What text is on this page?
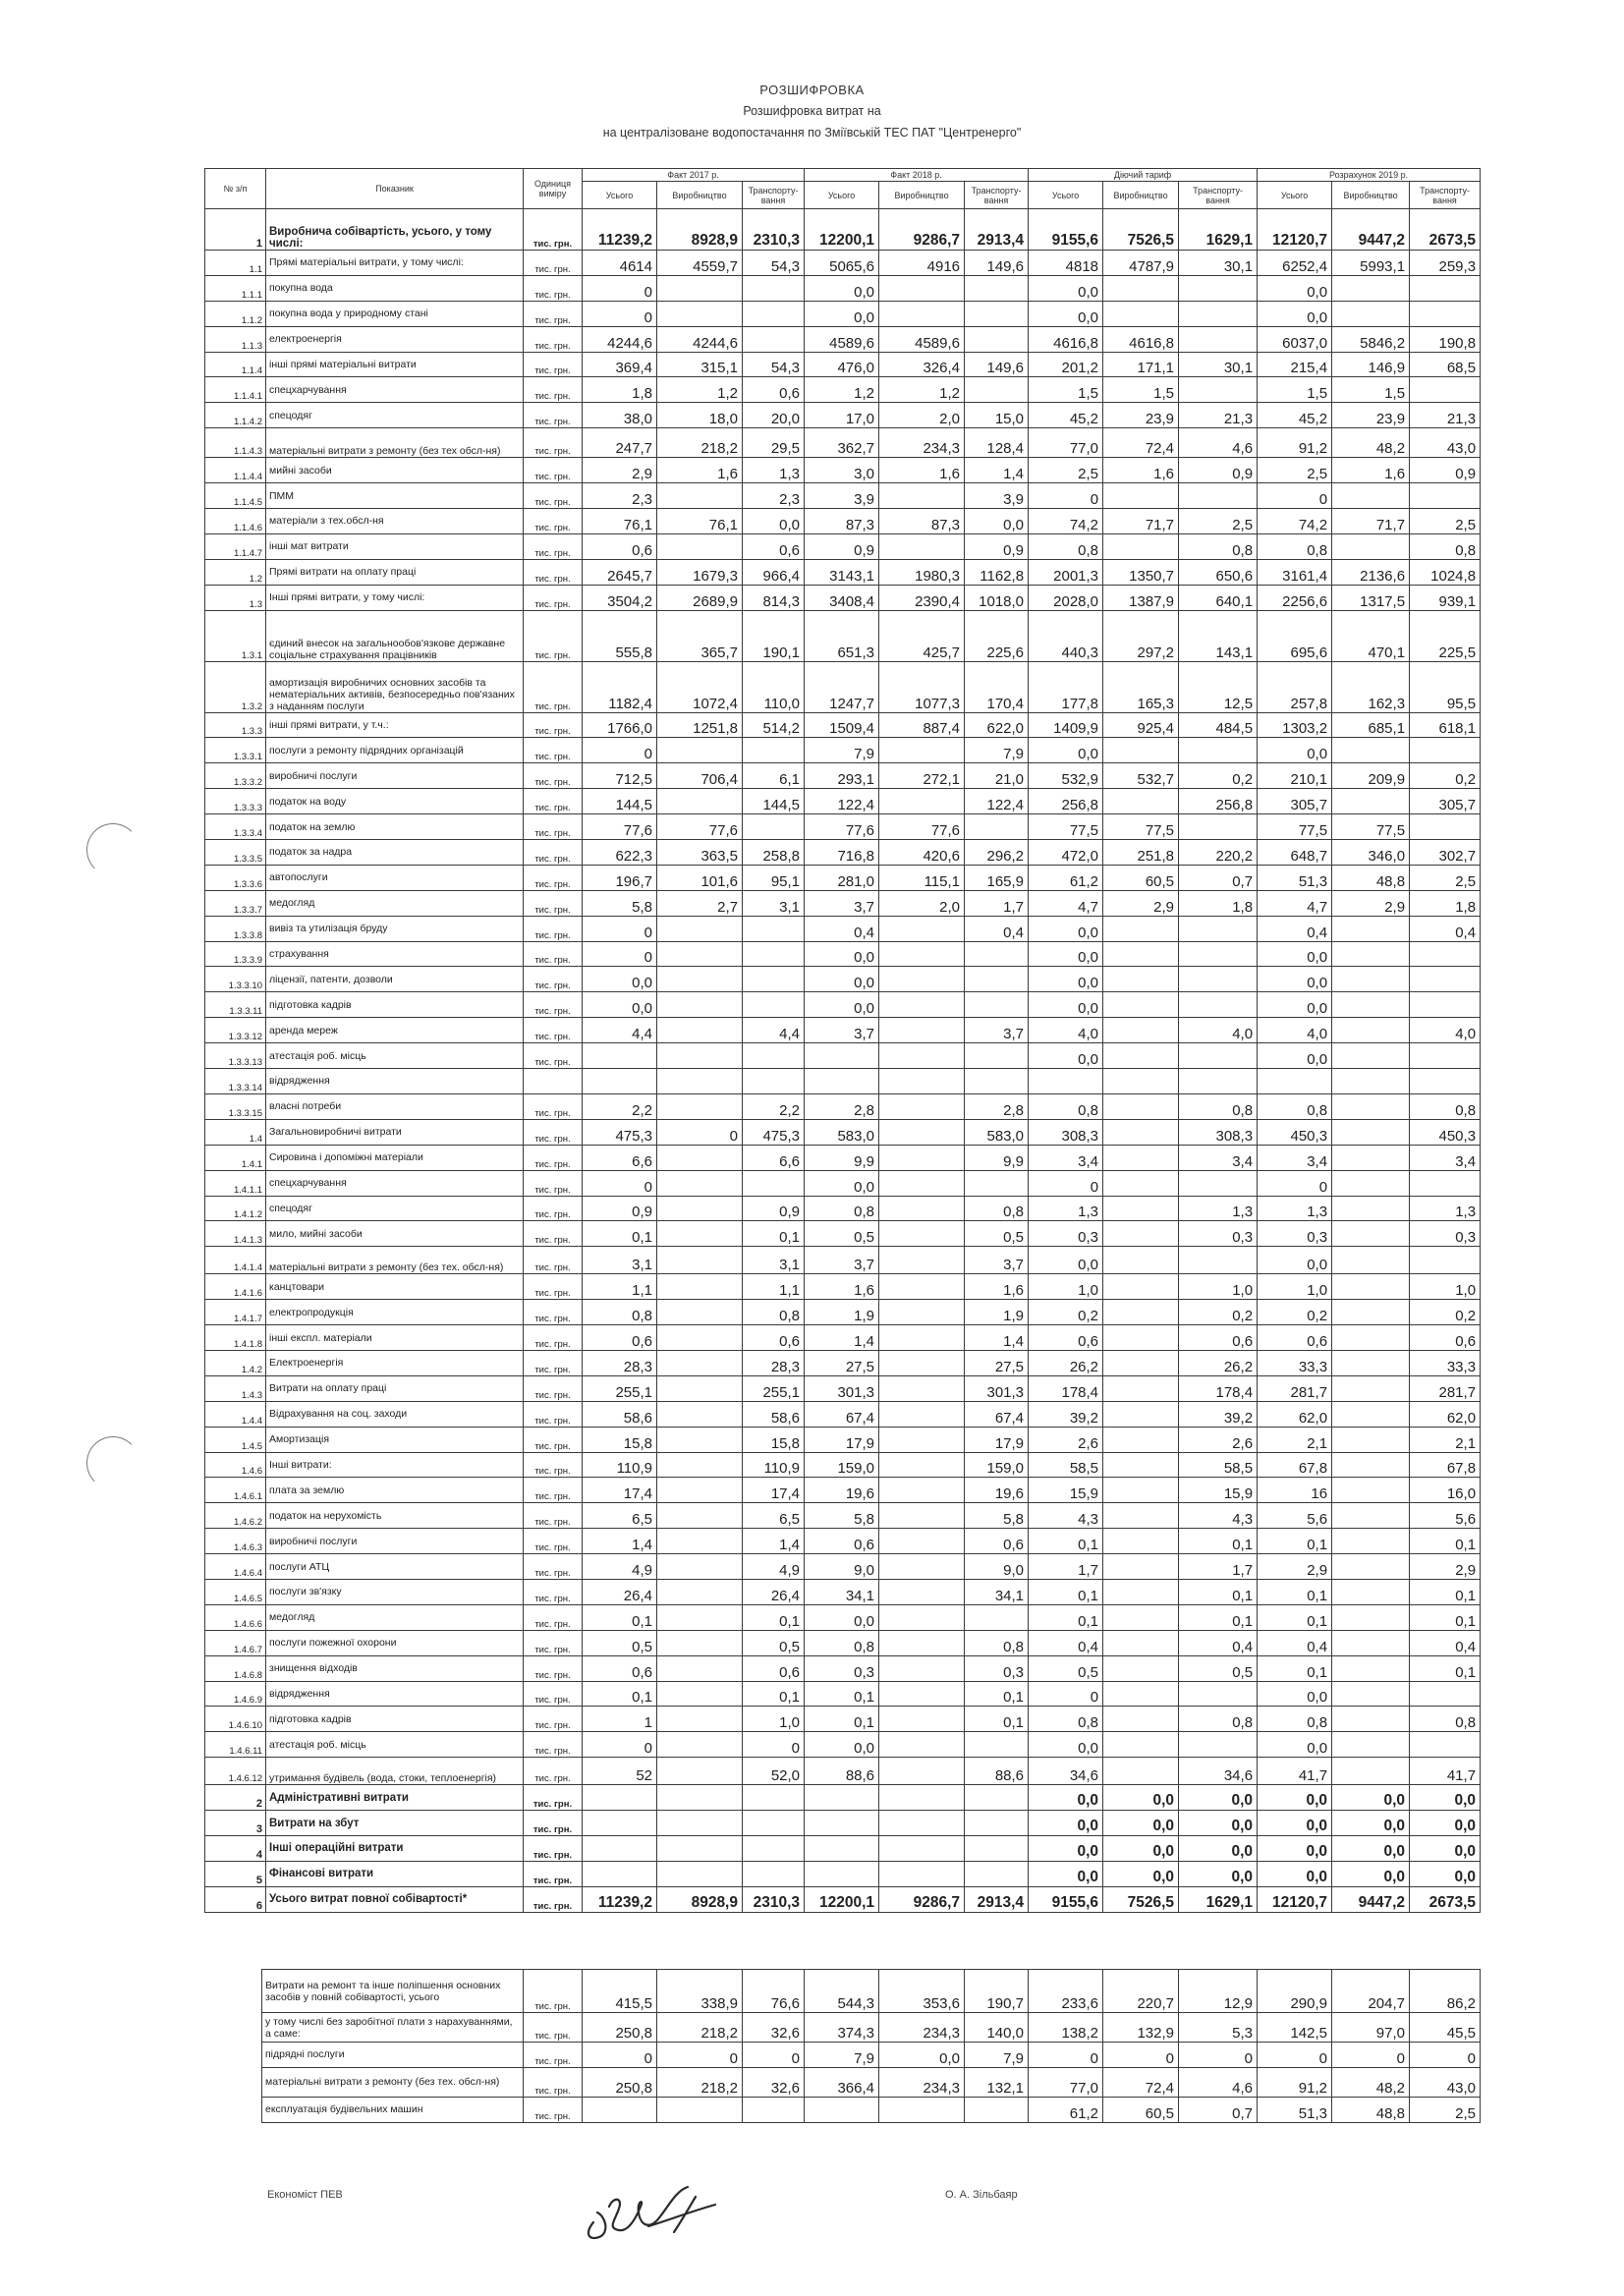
РОЗШИФРОВКА
Розшифровка витрат на
на централізоване водопостачання по Зміївській ТЕС ПАТ "Центренерго"
№ з/п	Показник	Одиниця виміру	Факт 2017 р.			Факт 2018 р.			Діючий тариф			Розрахунок 2019 р.		
			Усього	Виробництво	Транспорту-вання	Усього	Виробництво	Транспорту-вання	Усього	Виробництво	Транспорту-вання	Усього	Виробництво	Транспорту-вання
1	Виробнича собівартість, усього, у тому числі:	тис. грн.	11239,2	8928,9	2310,3	12200,1	9286,7	2913,4	9155,6	7526,5	1629,1	12120,7	9447,2	2673,5
1.1	Прямі матеріальні витрати, у тому числі:	тис. грн.	4614	4559,7	54,3	5065,6	4916	149,6	4818	4787,9	30,1	6252,4	5993,1	259,3
1.1.1	покупна вода	тис. грн.	0			0,0			0,0			0,0		
1.1.2	покупна вода у природному стані	тис. грн.	0			0,0			0,0			0,0		
1.1.3	електроенергія	тис. грн.	4244,6	4244,6		4589,6	4589,6		4616,8	4616,8		6037,0	5846,2	190,8
1.1.4	інші прямі матеріальні витрати	тис. грн.	369,4	315,1	54,3	476,0	326,4	149,6	201,2	171,1	30,1	215,4	146,9	68,5
1.1.4.1	спецхарчування	тис. грн.	1,8	1,2	0,6	1,2	1,2		1,5	1,5		1,5	1,5	
1.1.4.2	спецодяг	тис. грн.	38,0	18,0	20,0	17,0	2,0	15,0	45,2	23,9	21,3	45,2	23,9	21,3
1.1.4.3	матеріальні витрати з ремонту (без тех обсл-ня)	тис. грн.	247,7	218,2	29,5	362,7	234,3	128,4	77,0	72,4	4,6	91,2	48,2	43,0
1.1.4.4	мийні засоби	тис. грн.	2,9	1,6	1,3	3,0	1,6	1,4	2,5	1,6	0,9	2,5	1,6	0,9
1.1.4.5	ПММ	тис. грн.	2,3		2,3	3,9		3,9	0			0		
1.1.4.6	матеріали з тех.обсл-ня	тис. грн.	76,1	76,1	0,0	87,3	87,3	0,0	74,2	71,7	2,5	74,2	71,7	2,5
1.1.4.7	інші мат витрати	тис. грн.	0,6		0,6	0,9		0,9	0,8		0,8	0,8		0,8
1.2	Прямі витрати на оплату праці	тис. грн.	2645,7	1679,3	966,4	3143,1	1980,3	1162,8	2001,3	1350,7	650,6	3161,4	2136,6	1024,8
1.3	Інші прямі витрати, у тому числі:	тис. грн.	3504,2	2689,9	814,3	3408,4	2390,4	1018,0	2028,0	1387,9	640,1	2256,6	1317,5	939,1
1.3.1	єдиний внесок на загальнообов'язкове державне соціальне страхування працівників	тис. грн.	555,8	365,7	190,1	651,3	425,7	225,6	440,3	297,2	143,1	695,6	470,1	225,5
1.3.2	амортизація виробничих основних засобів та нематеріальних активів, безпосередньо пов'язаних з наданням послуги	тис. грн.	1182,4	1072,4	110,0	1247,7	1077,3	170,4	177,8	165,3	12,5	257,8	162,3	95,5
1.3.3	інші прямі витрати, у т.ч.:	тис. грн.	1766,0	1251,8	514,2	1509,4	887,4	622,0	1409,9	925,4	484,5	1303,2	685,1	618,1
1.3.3.1	послуги з ремонту підрядних організацій	тис. грн.	0			7,9		7,9	0,0			0,0		
1.3.3.2	виробничі послуги	тис. грн.	712,5	706,4	6,1	293,1	272,1	21,0	532,9	532,7	0,2	210,1	209,9	0,2
1.3.3.3	податок на воду	тис. грн.	144,5		144,5	122,4		122,4	256,8		256,8	305,7		305,7
1.3.3.4	податок на землю	тис. грн.	77,6	77,6		77,6	77,6		77,5	77,5		77,5	77,5	
1.3.3.5	податок за надра	тис. грн.	622,3	363,5	258,8	716,8	420,6	296,2	472,0	251,8	220,2	648,7	346,0	302,7
1.3.3.6	автопослуги	тис. грн.	196,7	101,6	95,1	281,0	115,1	165,9	61,2	60,5	0,7	51,3	48,8	2,5
1.3.3.7	медогляд	тис. грн.	5,8	2,7	3,1	3,7	2,0	1,7	4,7	2,9	1,8	4,7	2,9	1,8
1.3.3.8	вивіз та утилізація бруду	тис. грн.	0			0,4		0,4	0,0			0,4		0,4
1.3.3.9	страхування	тис. грн.	0			0,0			0,0			0,0		
1.3.3.10	ліцензії, патенти, дозволи	тис. грн.	0,0			0,0			0,0			0,0		
1.3.3.11	підготовка кадрів	тис. грн.	0,0			0,0			0,0			0,0		
1.3.3.12	аренда мереж	тис. грн.	4,4		4,4	3,7		3,7	4,0		4,0	4,0		4,0
1.3.3.13	атестація роб. місць	тис. грн.							0,0			0,0		
1.3.3.14	відрядження													
1.3.3.15	власні потреби	тис. грн.	2,2		2,2	2,8		2,8	0,8		0,8	0,8		0,8
1.4	Загальновиробничі витрати	тис. грн.	475,3	0	475,3	583,0		583,0	308,3		308,3	450,3		450,3
1.4.1	Сировина і допоміжні матеріали	тис. грн.	6,6		6,6	9,9		9,9	3,4		3,4	3,4		3,4
1.4.1.1	спецхарчування	тис. грн.	0			0,0			0			0		
1.4.1.2	спецодяг	тис. грн.	0,9		0,9	0,8		0,8	1,3		1,3	1,3		1,3
1.4.1.3	мило, мийні засоби	тис. грн.	0,1		0,1	0,5		0,5	0,3		0,3	0,3		0,3
1.4.1.4	матеріальні витрати з ремонту (без тех. обсл-ня)	тис. грн.	3,1		3,1	3,7		3,7	0,0			0,0		
1.4.1.6	канцтовари	тис. грн.	1,1		1,1	1,6		1,6	1,0		1,0	1,0		1,0
1.4.1.7	електропродукція	тис. грн.	0,8		0,8	1,9		1,9	0,2		0,2	0,2		0,2
1.4.1.8	інші експл. матеріали	тис. грн.	0,6		0,6	1,4		1,4	0,6		0,6	0,6		0,6
1.4.2	Електроенергія	тис. грн.	28,3		28,3	27,5		27,5	26,2		26,2	33,3		33,3
1.4.3	Витрати на оплату праці	тис. грн.	255,1		255,1	301,3		301,3	178,4		178,4	281,7		281,7
1.4.4	Відрахування на соц. заходи	тис. грн.	58,6		58,6	67,4		67,4	39,2		39,2	62,0		62,0
1.4.5	Амортизація	тис. грн.	15,8		15,8	17,9		17,9	2,6		2,6	2,1		2,1
1.4.6	Інші витрати:	тис. грн.	110,9		110,9	159,0		159,0	58,5		58,5	67,8		67,8
1.4.6.1	плата за землю	тис. грн.	17,4		17,4	19,6		19,6	15,9		15,9	16		16,0
1.4.6.2	податок на нерухомість	тис. грн.	6,5		6,5	5,8		5,8	4,3		4,3	5,6		5,6
1.4.6.3	виробничі послуги	тис. грн.	1,4		1,4	0,6		0,6	0,1		0,1	0,1		0,1
1.4.6.4	послуги АТЦ	тис. грн.	4,9		4,9	9,0		9,0	1,7		1,7	2,9		2,9
1.4.6.5	послуги зв'язку	тис. грн.	26,4		26,4	34,1		34,1	0,1		0,1	0,1		0,1
1.4.6.6	медогляд	тис. грн.	0,1		0,1	0,0			0,1		0,1	0,1		0,1
1.4.6.7	послуги пожежної охорони	тис. грн.	0,5		0,5	0,8		0,8	0,4		0,4	0,4		0,4
1.4.6.8	знищення відходів	тис. грн.	0,6		0,6	0,3		0,3	0,5		0,5	0,1		0,1
1.4.6.9	відрядження	тис. грн.	0,1		0,1	0,1		0,1	0			0,0		
1.4.6.10	підготовка кадрів	тис. грн.	1		1,0	0,1		0,1	0,8		0,8	0,8		0,8
1.4.6.11	атестація роб. місць	тис. грн.	0		0	0,0			0,0			0,0		
1.4.6.12	утримання будівель (вода, стоки, теплоенергія)	тис. грн.	52		52,0	88,6		88,6	34,6		34,6	41,7		41,7
2	Адміністративні витрати	тис. грн.							0,0	0,0	0,0	0,0	0,0	0,0
3	Витрати на збут	тис. грн.							0,0	0,0	0,0	0,0	0,0	0,0
4	Інші операційні витрати	тис. грн.							0,0	0,0	0,0	0,0	0,0	0,0
5	Фінансові витрати	тис. грн.							0,0	0,0	0,0	0,0	0,0	0,0
6	Усього витрат повної собівартості*	тис. грн.	11239,2	8928,9	2310,3	12200,1	9286,7	2913,4	9155,6	7526,5	1629,1	12120,7	9447,2	2673,5
Витрати на ремонт та інше поліпшення основних засобів у повній собівартості, усього	тис. грн.	415,5	338,9	76,6	544,3	353,6	190,7	233,6	220,7	12,9	290,9	204,7	86,2
у тому числі без заробітної плати з нарахуваннями, а саме:	тис. грн.	250,8	218,2	32,6	374,3	234,3	140,0	138,2	132,9	5,3	142,5	97,0	45,5
підрядні послуги	тис. грн.	0	0	0	7,9	0,0	7,9	0	0	0	0	0	0
матеріальні витрати з ремонту (без тех. обсл-ня)	тис. грн.	250,8	218,2	32,6	366,4	234,3	132,1	77,0	72,4	4,6	91,2	48,2	43,0
експлуатація будівельних машин	тис. грн.							61,2	60,5	0,7	51,3	48,8	2,5
Економіст ПЕВ	О. А. Зільбаяр
